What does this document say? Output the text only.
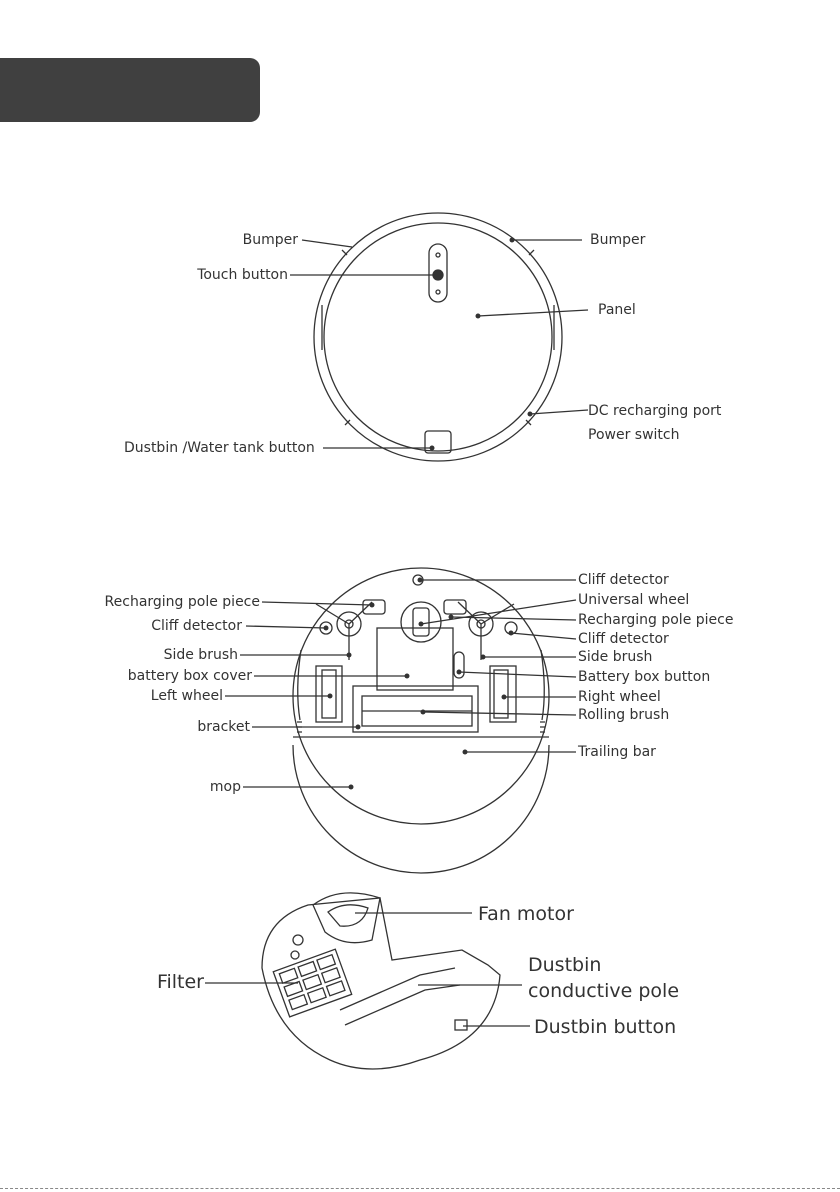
Bumper	Bumper
Touch button
Panel
DC recharging port
Power switch
Dustbin /Water tank button
Recharging pole piece
Cliff detector
Side brush
battery box cover
Left wheel
bracket
mop
Cliff detector
Universal wheel
Recharging pole piece
Cliff detector
Side brush
Battery box button
Right wheel
Rolling brush
Trailing bar
Fan motor
Filter
Dustbin
conductive pole
Dustbin button
